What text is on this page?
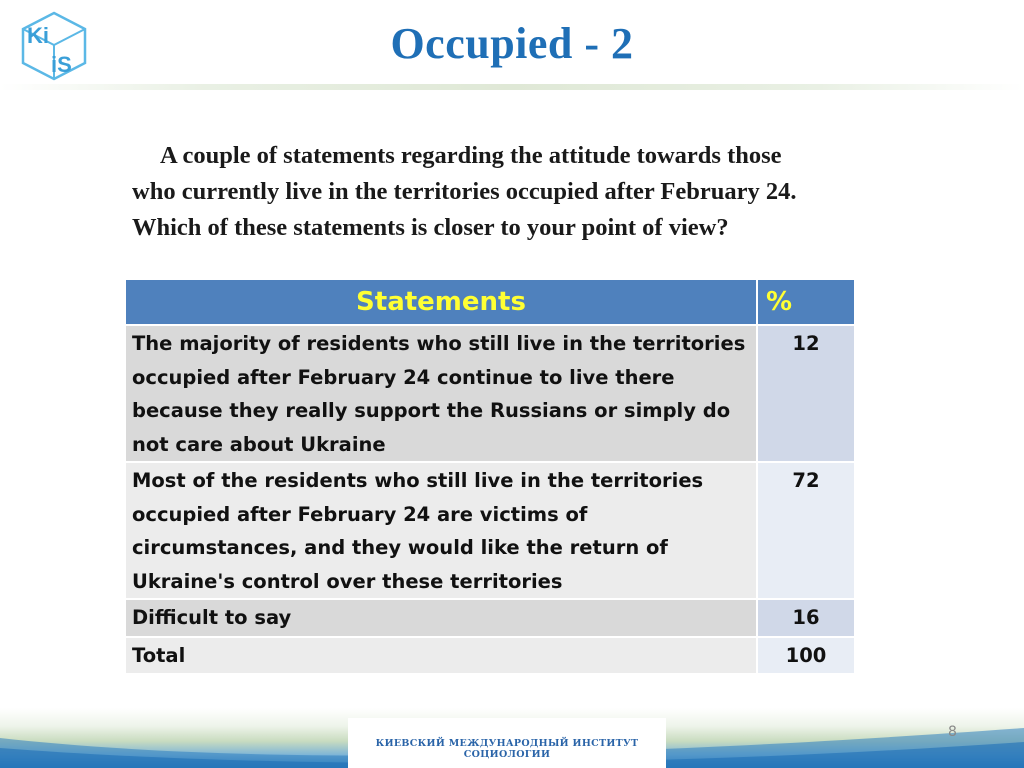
Ki
iS	Occupied - 2
A couple of statements regarding the attitude towards those who currently live in the territories occupied after February 24. Which of these statements is closer to your point of view?
Statements	%
The majority of residents who still live in the territories occupied after February 24 continue to live there because they really support the Russians or simply do not care about Ukraine	12
Most of the residents who still live in the territories occupied after February 24 are victims of circumstances, and they would like the return of Ukraine's control over these territories	72
Difficult to say	16
Total	100
КИЕВСКИЙ МЕЖДУНАРОДНЫЙ ИНСТИТУТ СОЦИОЛОГИИ
8
